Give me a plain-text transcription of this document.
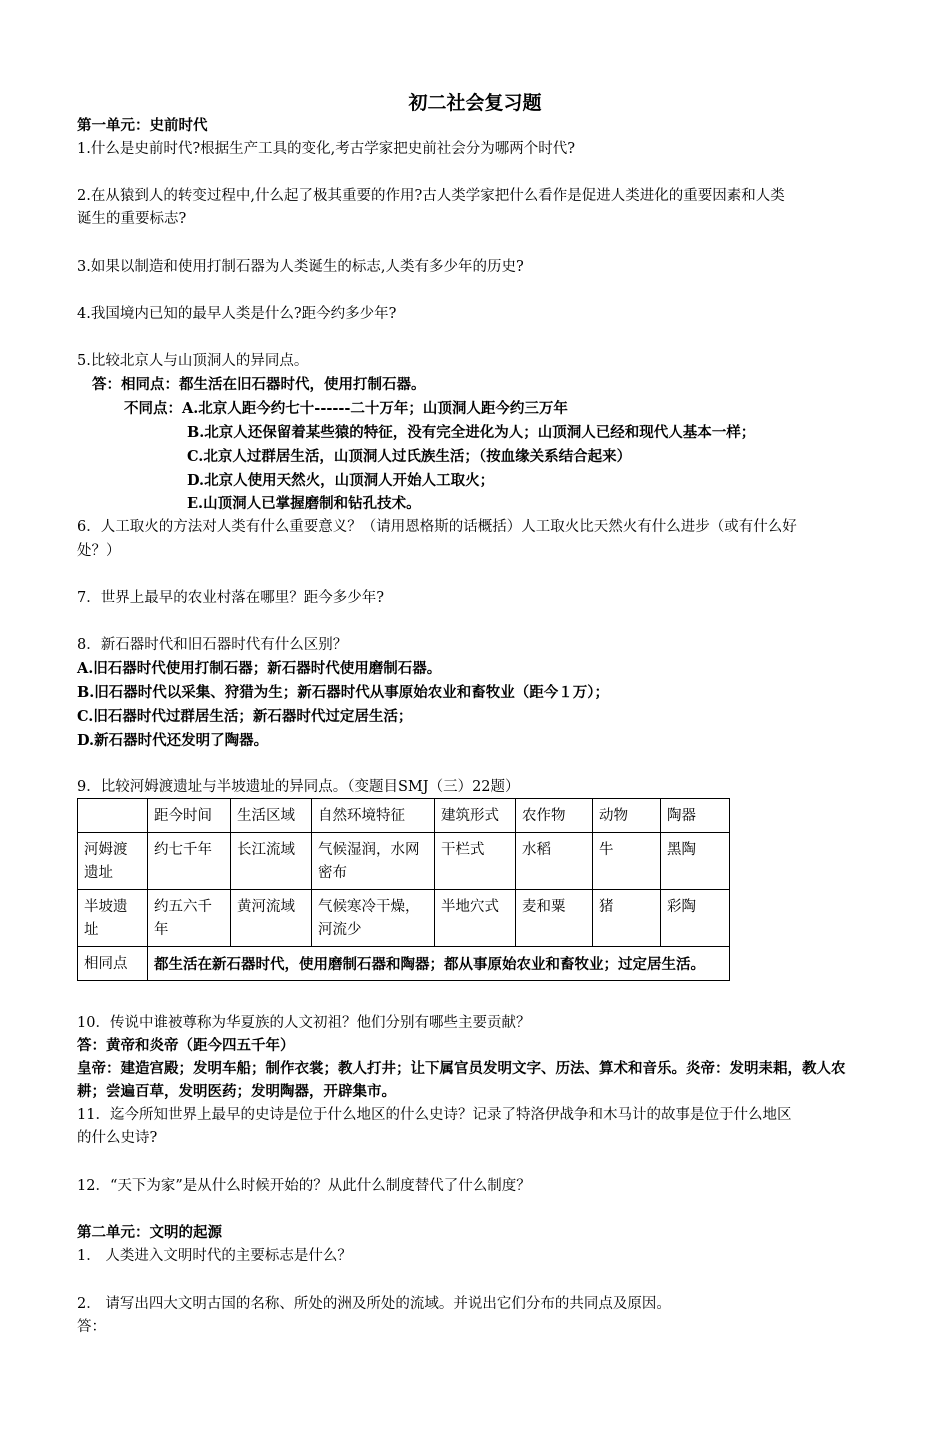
初二社会复习题
第一单元：史前时代
1.什么是史前时代?根据生产工具的变化,考古学家把史前社会分为哪两个时代?
2.在从猿到人的转变过程中,什么起了极其重要的作用?古人类学家把什么看作是促进人类进化的重要因素和人类
诞生的重要标志?
3.如果以制造和使用打制石器为人类诞生的标志,人类有多少年的历史?
4.我国境内已知的最早人类是什么?距今约多少年?
5.比较北京人与山顶洞人的异同点。
答：相同点：都生活在旧石器时代，使用打制石器。
不同点：A.北京人距今约七十------二十万年；山顶洞人距今约三万年
B.北京人还保留着某些猿的特征，没有完全进化为人；山顶洞人已经和现代人基本一样；
C.北京人过群居生活，山顶洞人过氏族生活；（按血缘关系结合起来）
D.北京人使用天然火，山顶洞人开始人工取火；
E.山顶洞人已掌握磨制和钻孔技术。
6．人工取火的方法对人类有什么重要意义？（请用恩格斯的话概括）人工取火比天然火有什么进步（或有什么好
处？）
7．世界上最早的农业村落在哪里？距今多少年?
8．新石器时代和旧石器时代有什么区别？
A.旧石器时代使用打制石器；新石器时代使用磨制石器。
B.旧石器时代以采集、狩猎为生；新石器时代从事原始农业和畜牧业（距今１万）；
C.旧石器时代过群居生活；新石器时代过定居生活；
D.新石器时代还发明了陶器。
9．比较河姆渡遗址与半坡遗址的异同点。（变题目SMJ（三）22题）
	距今时间	生活区域	自然环境特征	建筑形式	农作物	动物	陶器
河姆渡遗址	约七千年	长江流域	气候湿润，水网密布	干栏式	水稻	牛	黑陶
半坡遗址	约五六千年	黄河流域	气候寒冷干燥，河流少	半地穴式	麦和粟	猪	彩陶
相同点	都生活在新石器时代，使用磨制石器和陶器；都从事原始农业和畜牧业；过定居生活。						
10．传说中谁被尊称为华夏族的人文初祖？他们分别有哪些主要贡献？
答：黄帝和炎帝（距今四五千年）
皇帝：建造宫殿；发明车船；制作衣裳；教人打井；让下属官员发明文字、历法、算术和音乐。炎帝：发明耒耜，教人农
耕；尝遍百草，发明医药；发明陶器，开辟集市。
11．迄今所知世界上最早的史诗是位于什么地区的什么史诗？记录了特洛伊战争和木马计的故事是位于什么地区
的什么史诗?
12．“天下为家”是从什么时候开始的？从此什么制度替代了什么制度？
第二单元：文明的起源
1． 人类进入文明时代的主要标志是什么？
2． 请写出四大文明古国的名称、所处的洲及所处的流域。并说出它们分布的共同点及原因。
答：
